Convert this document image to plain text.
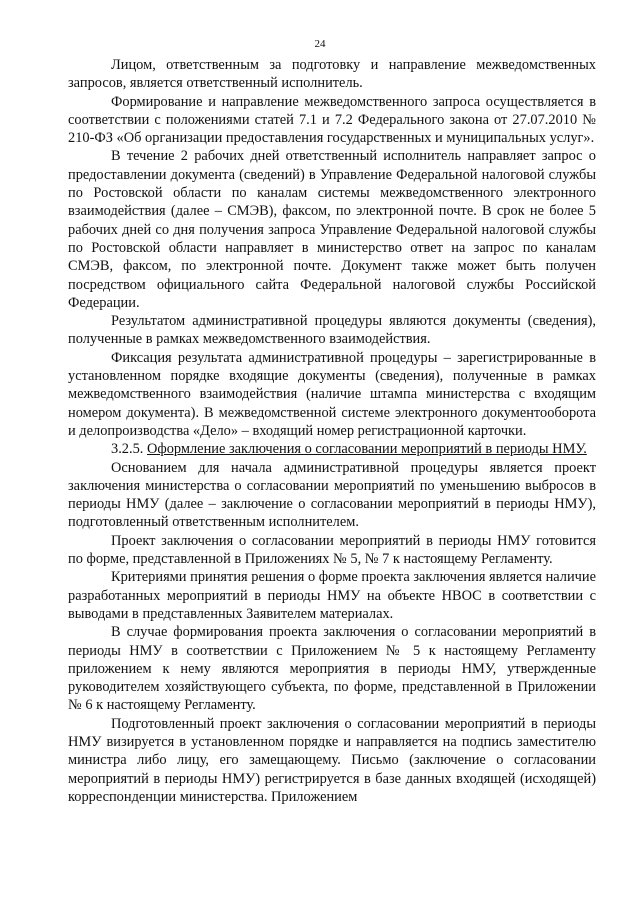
24

Лицом, ответственным за подготовку и направление межведомственных запросов, является ответственный исполнитель.

Формирование и направление межведомственного запроса осуществляется в соответствии с положениями статей 7.1 и 7.2 Федерального закона от 27.07.2010 № 210-ФЗ «Об организации предоставления государственных и муниципальных услуг».

В течение 2 рабочих дней ответственный исполнитель направляет запрос о предоставлении документа (сведений) в Управление Федеральной налоговой службы по Ростовской области по каналам системы межведомственного электронного взаимодействия (далее – СМЭВ), факсом, по электронной почте. В срок не более 5 рабочих дней со дня получения запроса Управление Федеральной налоговой службы по Ростовской области направляет в министерство ответ на запрос по каналам СМЭВ, факсом, по электронной почте. Документ также может быть получен посредством официального сайта Федеральной налоговой службы Российской Федерации.

Результатом административной процедуры являются документы (сведения), полученные в рамках межведомственного взаимодействия.

Фиксация результата административной процедуры – зарегистрированные в установленном порядке входящие документы (сведения), полученные в рамках межведомственного взаимодействия (наличие штампа министерства с входящим номером документа). В межведомственной системе электронного документооборота и делопроизводства «Дело» – входящий номер регистрационной карточки.

3.2.5. Оформление заключения о согласовании мероприятий в периоды НМУ.

Основанием для начала административной процедуры является проект заключения министерства о согласовании мероприятий по уменьшению выбросов в периоды НМУ (далее – заключение о согласовании мероприятий в периоды НМУ), подготовленный ответственным исполнителем.

Проект заключения о согласовании мероприятий в периоды НМУ готовится по форме, представленной в Приложениях № 5, № 7 к настоящему Регламенту.

Критериями принятия решения о форме проекта заключения является наличие разработанных мероприятий в периоды НМУ на объекте НВОС в соответствии с выводами в представленных Заявителем материалах.

В случае формирования проекта заключения о согласовании мероприятий в периоды НМУ в соответствии с Приложением № 5 к настоящему Регламенту приложением к нему являются мероприятия в периоды НМУ, утвержденные руководителем хозяйствующего субъекта, по форме, представленной в Приложении № 6 к настоящему Регламенту.

Подготовленный проект заключения о согласовании мероприятий в периоды НМУ визируется в установленном порядке и направляется на подпись заместителю министра либо лицу, его замещающему. Письмо (заключение о согласовании мероприятий в периоды НМУ) регистрируется в базе данных входящей (исходящей) корреспонденции министерства. Приложением
